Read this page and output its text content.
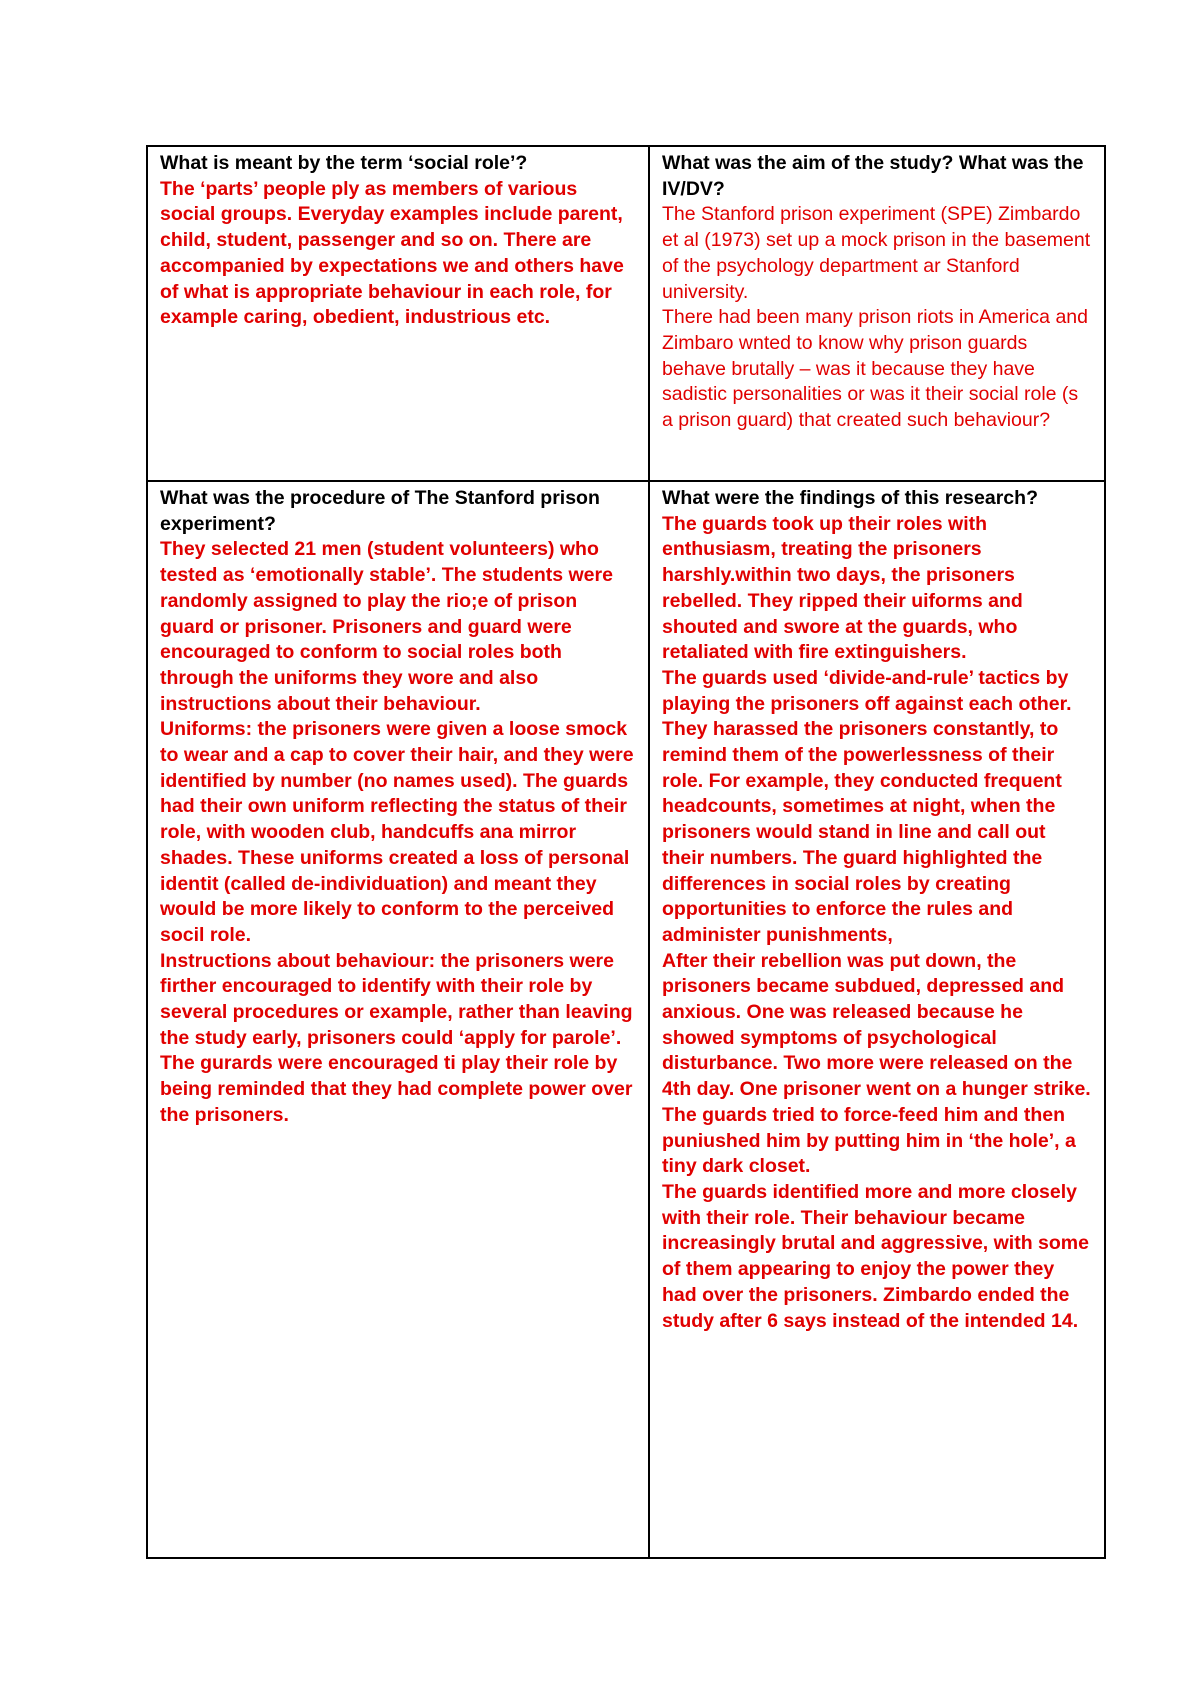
What is meant by the term ‘social role’?
The ‘parts’ people ply as members of various social groups. Everyday examples include parent, child, student, passenger and so on. There are accompanied by expectations we and others have of what is appropriate behaviour in each role, for example caring, obedient, industrious etc.
What was the aim of the study? What was the IV/DV?
The Stanford prison experiment (SPE) Zimbardo et al (1973) set up a mock prison in the basement of the psychology department ar Stanford university.
There had been many prison riots in America and Zimbaro wnted to know why prison guards behave brutally – was it because they have sadistic personalities or was it their social role (s a prison guard) that created such behaviour?
What was the procedure of The Stanford prison experiment?
They selected 21 men (student volunteers) who tested as ‘emotionally stable’. The students were randomly assigned to play the rio;e of prison guard or prisoner. Prisoners and guard were encouraged to conform to social roles both through the uniforms they wore and also instructions about their behaviour.
Uniforms: the prisoners were given a loose smock to wear and a cap to cover their hair, and they were identified by number (no names used). The guards had their own uniform reflecting the status of their role, with wooden club, handcuffs ana mirror shades. These uniforms created a loss of personal identit (called de-individuation) and meant they would be more likely to conform to the perceived socil role.
Instructions about behaviour: the prisoners were firther encouraged to identify with their role by several procedures or example, rather than leaving the study early, prisoners could ‘apply for parole’. The gurards were encouraged ti play their role by being reminded that they had complete power over the prisoners.
What were the findings of this research?
The guards took up their roles with enthusiasm, treating the prisoners harshly.within two days, the prisoners rebelled. They ripped their uiforms and shouted and swore at the guards, who retaliated with fire extinguishers.
The guards used ‘divide-and-rule’ tactics by playing the prisoners off against each other. They harassed the prisoners constantly, to remind them of the powerlessness of their role. For example, they conducted frequent headcounts, sometimes at night, when the prisoners would stand in line and call out their numbers. The guard highlighted the differences in social roles by creating opportunities to enforce the rules and administer punishments,
After their rebellion was put down, the prisoners became subdued, depressed and anxious. One was released because he showed symptoms of psychological disturbance. Two more were released on the 4th day. One prisoner went on a hunger strike. The guards tried to force-feed him and then puniushed him by putting him in ‘the hole’, a tiny dark closet.
The guards identified more and more closely with their role. Their behaviour became increasingly brutal and aggressive, with some of them appearing to enjoy the power they had over the prisoners. Zimbardo ended the study after 6 says instead of the intended 14.
